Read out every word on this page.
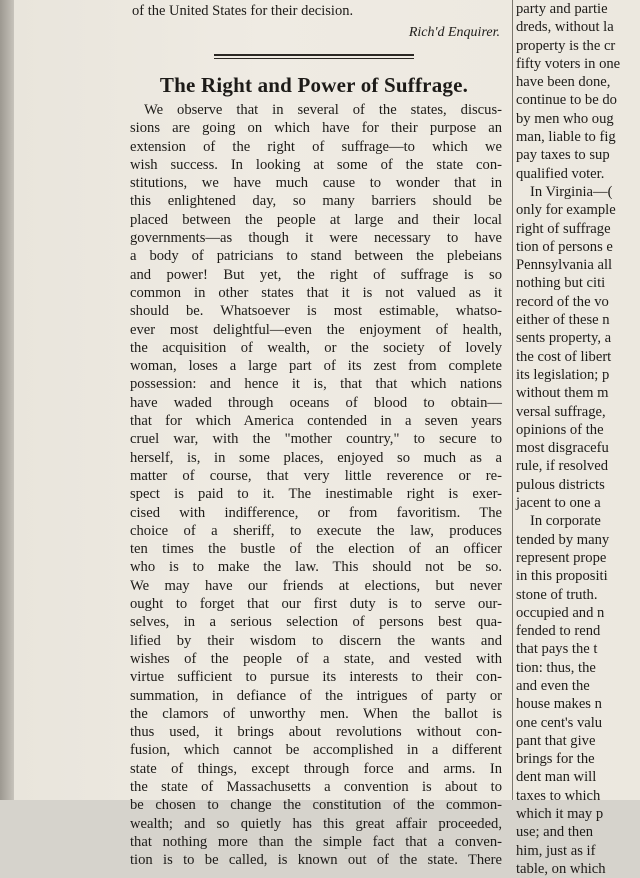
of the United States for their decision.
Rich'd Enquirer.
The Right and Power of Suffrage.
We observe that in several of the states, discus-
sions are going on which have for their purpose an
extension of the right of suffrage—to which we
wish success. In looking at some of the state con-
stitutions, we have much cause to wonder that in
this enlightened day, so many barriers should be
placed between the people at large and their local
governments—as though it were necessary to have
a body of patricians to stand between the plebeians
and power! But yet, the right of suffrage is so
common in other states that it is not valued as it
should be. Whatsoever is most estimable, whatso-
ever most delightful—even the enjoyment of health,
the acquisition of wealth, or the society of lovely
woman, loses a large part of its zest from complete
possession: and hence it is, that that which nations
have waded through oceans of blood to obtain—
that for which America contended in a seven years
cruel war, with the "mother country," to secure to
herself, is, in some places, enjoyed so much as a
matter of course, that very little reverence or re-
spect is paid to it. The inestimable right is exer-
cised with indifference, or from favoritism. The
choice of a sheriff, to execute the law, produces
ten times the bustle of the election of an officer
who is to make the law. This should not be so.
We may have our friends at elections, but never
ought to forget that our first duty is to serve our-
selves, in a serious selection of persons best qua-
lified by their wisdom to discern the wants and
wishes of the people of a state, and vested with
virtue sufficient to pursue its interests to their con-
summation, in defiance of the intrigues of party or
the clamors of unworthy men. When the ballot is
thus used, it brings about revolutions without con-
fusion, which cannot be accomplished in a different
state of things, except through force and arms. In
the state of Massachusetts a convention is about to
be chosen to change the constitution of the common-
wealth; and so quietly has this great affair proceeded,
that nothing more than the simple fact that a conven-
tion is to be called, is known out of the state. There
party and partie
dreds, without la
property is the cr
fifty voters in one
have been done,
continue to be do
by men who oug
man, liable to fig
pay taxes to sup
qualified voter.
In Virginia—(
only for example
right of suffrage
tion of persons e
Pennsylvania all
nothing but citi
record of the vo
either of these n
sents property, a
the cost of libert
its legislation; p
without them m
versal suffrage,
opinions of the
most disgracefu
rule, if resolved
pulous districts
jacent to one a
In corporate
tended by many
represent prope
in this propositi
stone of truth.
occupied and n
fended to rend
that pays the t
tion: thus, the
and even the
house makes n
one cent's valu
pant that give
brings for the
dent man will
taxes to which
which it may p
use; and then
him, just as if
table, on which
